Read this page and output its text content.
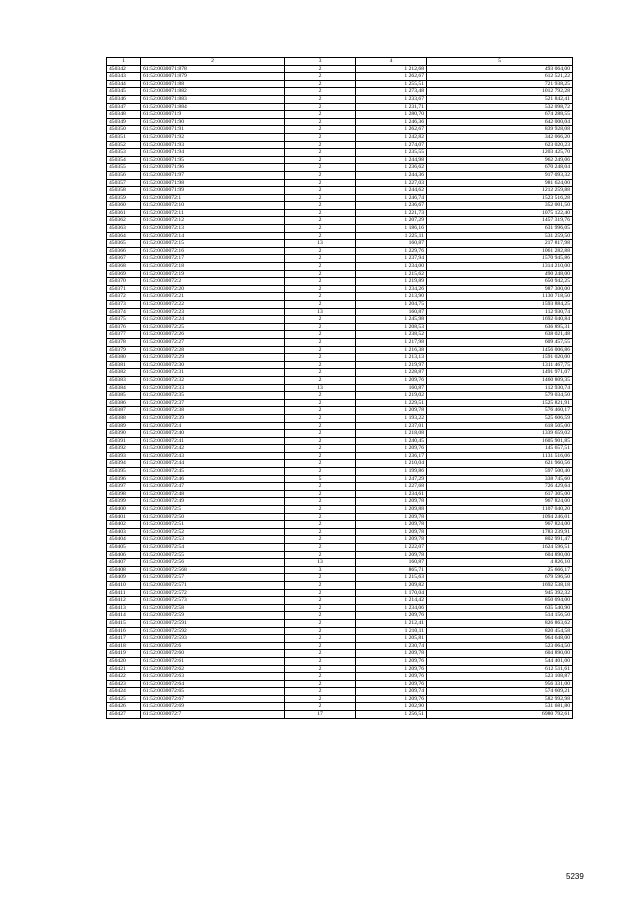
1	2	3	4	5
450342	61:52:0030071:878	2	1 212,68	493 064,00
450343	61:52:0030071:879	2	1 262,67	612 521,22
450344	61:52:0030071:88	2	1 255,51	721 938,25
450345	61:52:0030071:882	2	1 273,48	1012 792,28
450346	61:52:0030071:883	2	1 233,67	521 842,41
450347	61:52:0030071:884	2	1 231,71	532 098,72
450348	61:52:0030071:9	2	1 280,70	674 288,55
450349	61:52:0030071:90	2	1 246,36	642 000,04
450350	61:52:0030071:91	2	1 262,67	839 928,08
450351	61:52:0030071:92	2	1 242,82	342 066,20
450352	61:52:0030071:93	2	1 274,07	623 020,23
450353	61:52:0030071:94	2	1 235,55	1203 425,70
450354	61:52:0030071:95	2	1 244,98	962 249,06
450355	61:52:0030071:96	2	1 236,62	670 248,04
450356	61:52:0030071:97	2	1 244,36	917 093,32
450357	61:52:0030071:98	2	1 227,03	981 624,00
450358	61:52:0030071:99	2	1 244,62	1212 259,88
450359	61:52:0030072:1	2	1 246,74	1523 516,28
450360	61:52:0030072:10	2	1 236,67	352 001,50
450361	61:52:0030072:11	2	1 221,73	1075 122,40
450362	61:52:0030072:12	2	1 207,29	1457 319,76
450363	61:52:0030072:13	2	1 186,16	631 996,05
450364	61:52:0030072:14	2	1 225,11	531 259,50
450365	61:52:0030072:15	13	160,87	217 817,98
450366	61:52:0030072:16	2	1 229,76	1061 282,88
450367	61:52:0030072:17	2	1 237,94	1570 945,86
450368	61:52:0030072:18	2	1 234,00	1314 210,00
450369	61:52:0030072:19	2	1 215,62	490 248,00
450370	61:52:0030072:2	2	1 219,89	650 942,25
450371	61:52:0030072:20	2	1 234,26	987 300,00
450372	61:52:0030072:21	2	1 213,90	1130 718,50
450373	61:52:0030072:22	2	1 204,75	1593 884,25
450374	61:52:0030072:23	13	160,87	112 930,74
450375	61:52:0030072:24	2	1 245,98	1692 040,84
450376	61:52:0030072:25	2	1 208,53	636 895,31
450377	61:52:0030072:26	2	1 238,52	638 021,48
450378	61:52:0030072:27	2	1 217,98	609 457,55
450379	61:52:0030072:28	2	1 216,38	1456 006,86
450380	61:52:0030072:29	2	1 213,13	1591 020,00
450381	61:52:0030072:30	2	1 219,97	1311 467,75
450382	61:52:0030072:31	2	1 228,87	1491 971,07
450383	61:52:0030072:32	2	1 209,76	1460 809,35
450384	61:52:0030072:33	13	160,87	112 930,74
450385	61:52:0030072:35	2	1 219,02	579 034,50
450386	61:52:0030072:37	2	1 229,51	1525 821,91
450387	61:52:0030072:38	2	1 209,78	576 460,17
450388	61:52:0030072:39	2	1 193,22	525 606,59
450389	61:52:0030072:4	2	1 237,01	618 505,00
450390	61:52:0030072:40	2	1 218,08	1339 659,02
450391	61:52:0030072:41	2	1 240,45	1605 901,85
450392	61:52:0030072:42	2	1 209,76	145 657,51
450393	61:52:0030072:43	2	1 236,17	1131 516,06
450394	61:52:0030072:44	2	1 210,04	621 960,56
450395	61:52:0030072:45	2	1 199,86	597 500,40
450396	61:52:0030072:46	5	1 247,29	338 745,60
450397	61:52:0030072:47	2	1 227,68	726 429,64
450398	61:52:0030072:48	2	1 234,61	617 305,00
450399	61:52:0030072:49	2	1 209,78	967 824,00
450400	61:52:0030072:5	2	1 209,88	1107 040,20
450401	61:52:0030072:50	2	1 209,78	1094 246,01
450402	61:52:0030072:51	2	1 209,78	967 824,00
450403	61:52:0030072:52	2	1 209,78	1783 239,91
450404	61:52:0030072:53	2	1 209,78	802 991,47
450405	61:52:0030072:54	2	1 222,07	1624 596,51
450406	61:52:0030072:55	2	1 209,78	604 890,00
450407	61:52:0030072:56	13	160,87	4 826,10
450408	61:52:0030072:568	3	865,71	25 666,17
450409	61:52:0030072:57	2	1 215,63	679 596,50
450410	61:52:0030072:571	2	1 209,82	1692 538,18
450411	61:52:0030072:572	2	1 170,04	945 392,32
450412	61:52:0030072:573	2	1 214,42	850 094,00
450413	61:52:0030072:58	2	1 234,06	635 540,90
450414	61:52:0030072:59	2	1 209,76	514 156,50
450415	61:52:0030072:591	2	1 212,41	826 863,62
450416	61:52:0030072:592	2	1 210,11	820 454,58
450417	61:52:0030072:593	2	1 205,81	964 648,00
450418	61:52:0030072:6	2	1 230,74	523 064,50
450419	61:52:0030072:60	2	1 209,78	604 890,00
450420	61:52:0030072:61	2	1 209,76	544 401,00
450421	61:52:0030072:62	2	1 209,76	612 511,61
450422	61:52:0030072:63	2	1 209,76	523 108,87
450423	61:52:0030072:64	2	1 209,76	956 331,00
450424	61:52:0030072:65	2	1 209,74	574 609,21
450425	61:52:0030072:67	2	1 209,76	582 992,98
450426	61:52:0030072:69	2	1 202,90	531 681,80
450427	61:52:0030072:7	17	1 256,51	6980 792,61
5239
